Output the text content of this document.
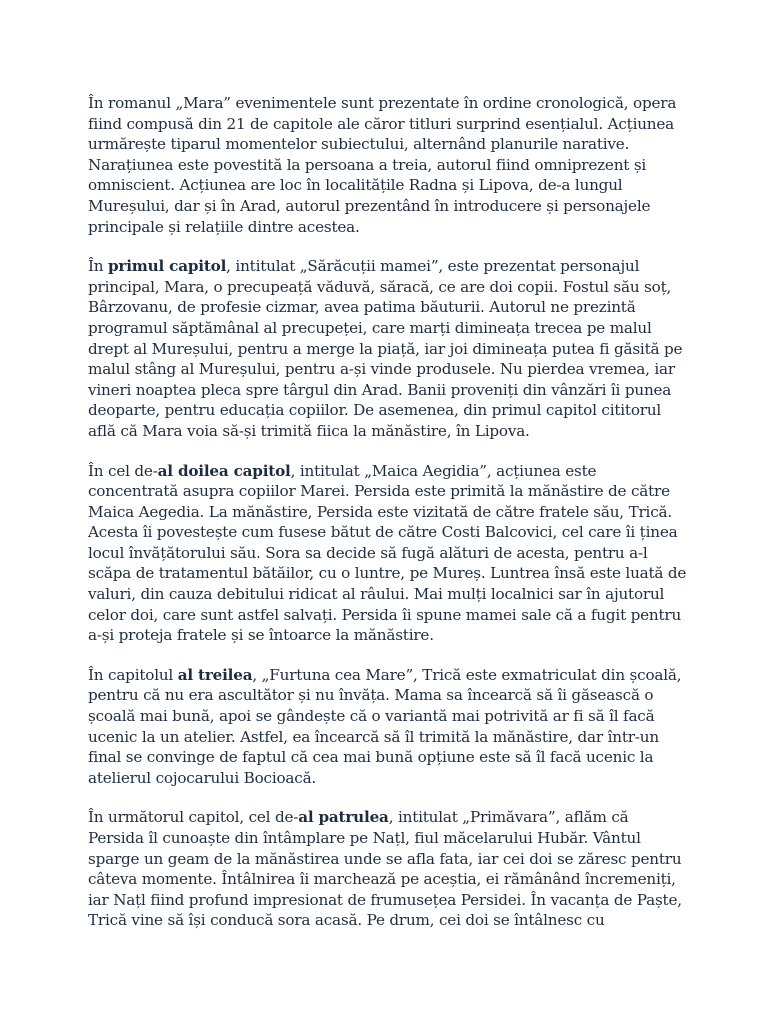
În romanul „Mara” evenimentele sunt prezentate în ordine cronologică, opera fiind compusă din 21 de capitole ale căror titluri surprind esențialul. Acțiunea urmărește tiparul momentelor subiectului, alternând planurile narative. Narațiunea este povestită la persoana a treia, autorul fiind omniprezent și omniscient. Acțiunea are loc în localitățile Radna și Lipova, de-a lungul Mureșului, dar și în Arad, autorul prezentând în introducere și personajele principale și relațiile dintre acestea.

În primul capitol, intitulat „Sărăcuții mamei”, este prezentat personajul principal, Mara, o precupeață văduvă, săracă, ce are doi copii. Fostul său soț, Bârzovanu, de profesie cizmar, avea patima băuturii. Autorul ne prezintă programul săptămânal al precupeței, care marți dimineața trecea pe malul drept al Mureșului, pentru a merge la piață, iar joi dimineața putea fi găsită pe malul stâng al Mureșului, pentru a-și vinde produsele. Nu pierdea vremea, iar vineri noaptea pleca spre târgul din Arad. Banii proveniți din vânzări îi punea deoparte, pentru educația copiilor. De asemenea, din primul capitol cititorul află că Mara voia să-și trimită fiica la mănăstire, în Lipova.

În cel de-al doilea capitol, intitulat „Maica Aegidia”, acțiunea este concentrată asupra copiilor Marei. Persida este primită la mănăstire de către Maica Aegedia. La mănăstire, Persida este vizitată de către fratele său, Trică. Acesta îi povestește cum fusese bătut de către Costi Balcovici, cel care îi ținea locul învățătorului său. Sora sa decide să fugă alături de acesta, pentru a-l scăpa de tratamentul bătăilor, cu o luntre, pe Mureș. Luntrea însă este luată de valuri, din cauza debitului ridicat al râului. Mai mulți localnici sar în ajutorul celor doi, care sunt astfel salvați. Persida îi spune mamei sale că a fugit pentru a-și proteja fratele și se întoarce la mănăstire.

În capitolul al treilea, „Furtuna cea Mare”, Trică este exmatriculat din școală, pentru că nu era ascultător și nu învăța. Mama sa încearcă să îi găsească o școală mai bună, apoi se gândește că o variantă mai potrivită ar fi să îl facă ucenic la un atelier. Astfel, ea încearcă să îl trimită la mănăstire, dar într-un final se convinge de faptul că cea mai bună opțiune este să îl facă ucenic la atelierul cojocarului Bocioacă.

În următorul capitol, cel de-al patrulea, intitulat „Primăvara”, aflăm că Persida îl cunoaște din întâmplare pe Națl, fiul măcelarului Hubăr. Vântul sparge un geam de la mănăstirea unde se afla fata, iar cei doi se zăresc pentru câteva momente. Întâlnirea îi marchează pe aceștia, ei rămânând încremeniți, iar Națl fiind profund impresionat de frumusețea Persidei. În vacanța de Paște, Trică vine să își conducă sora acasă. Pe drum, cei doi se întâlnesc cu
